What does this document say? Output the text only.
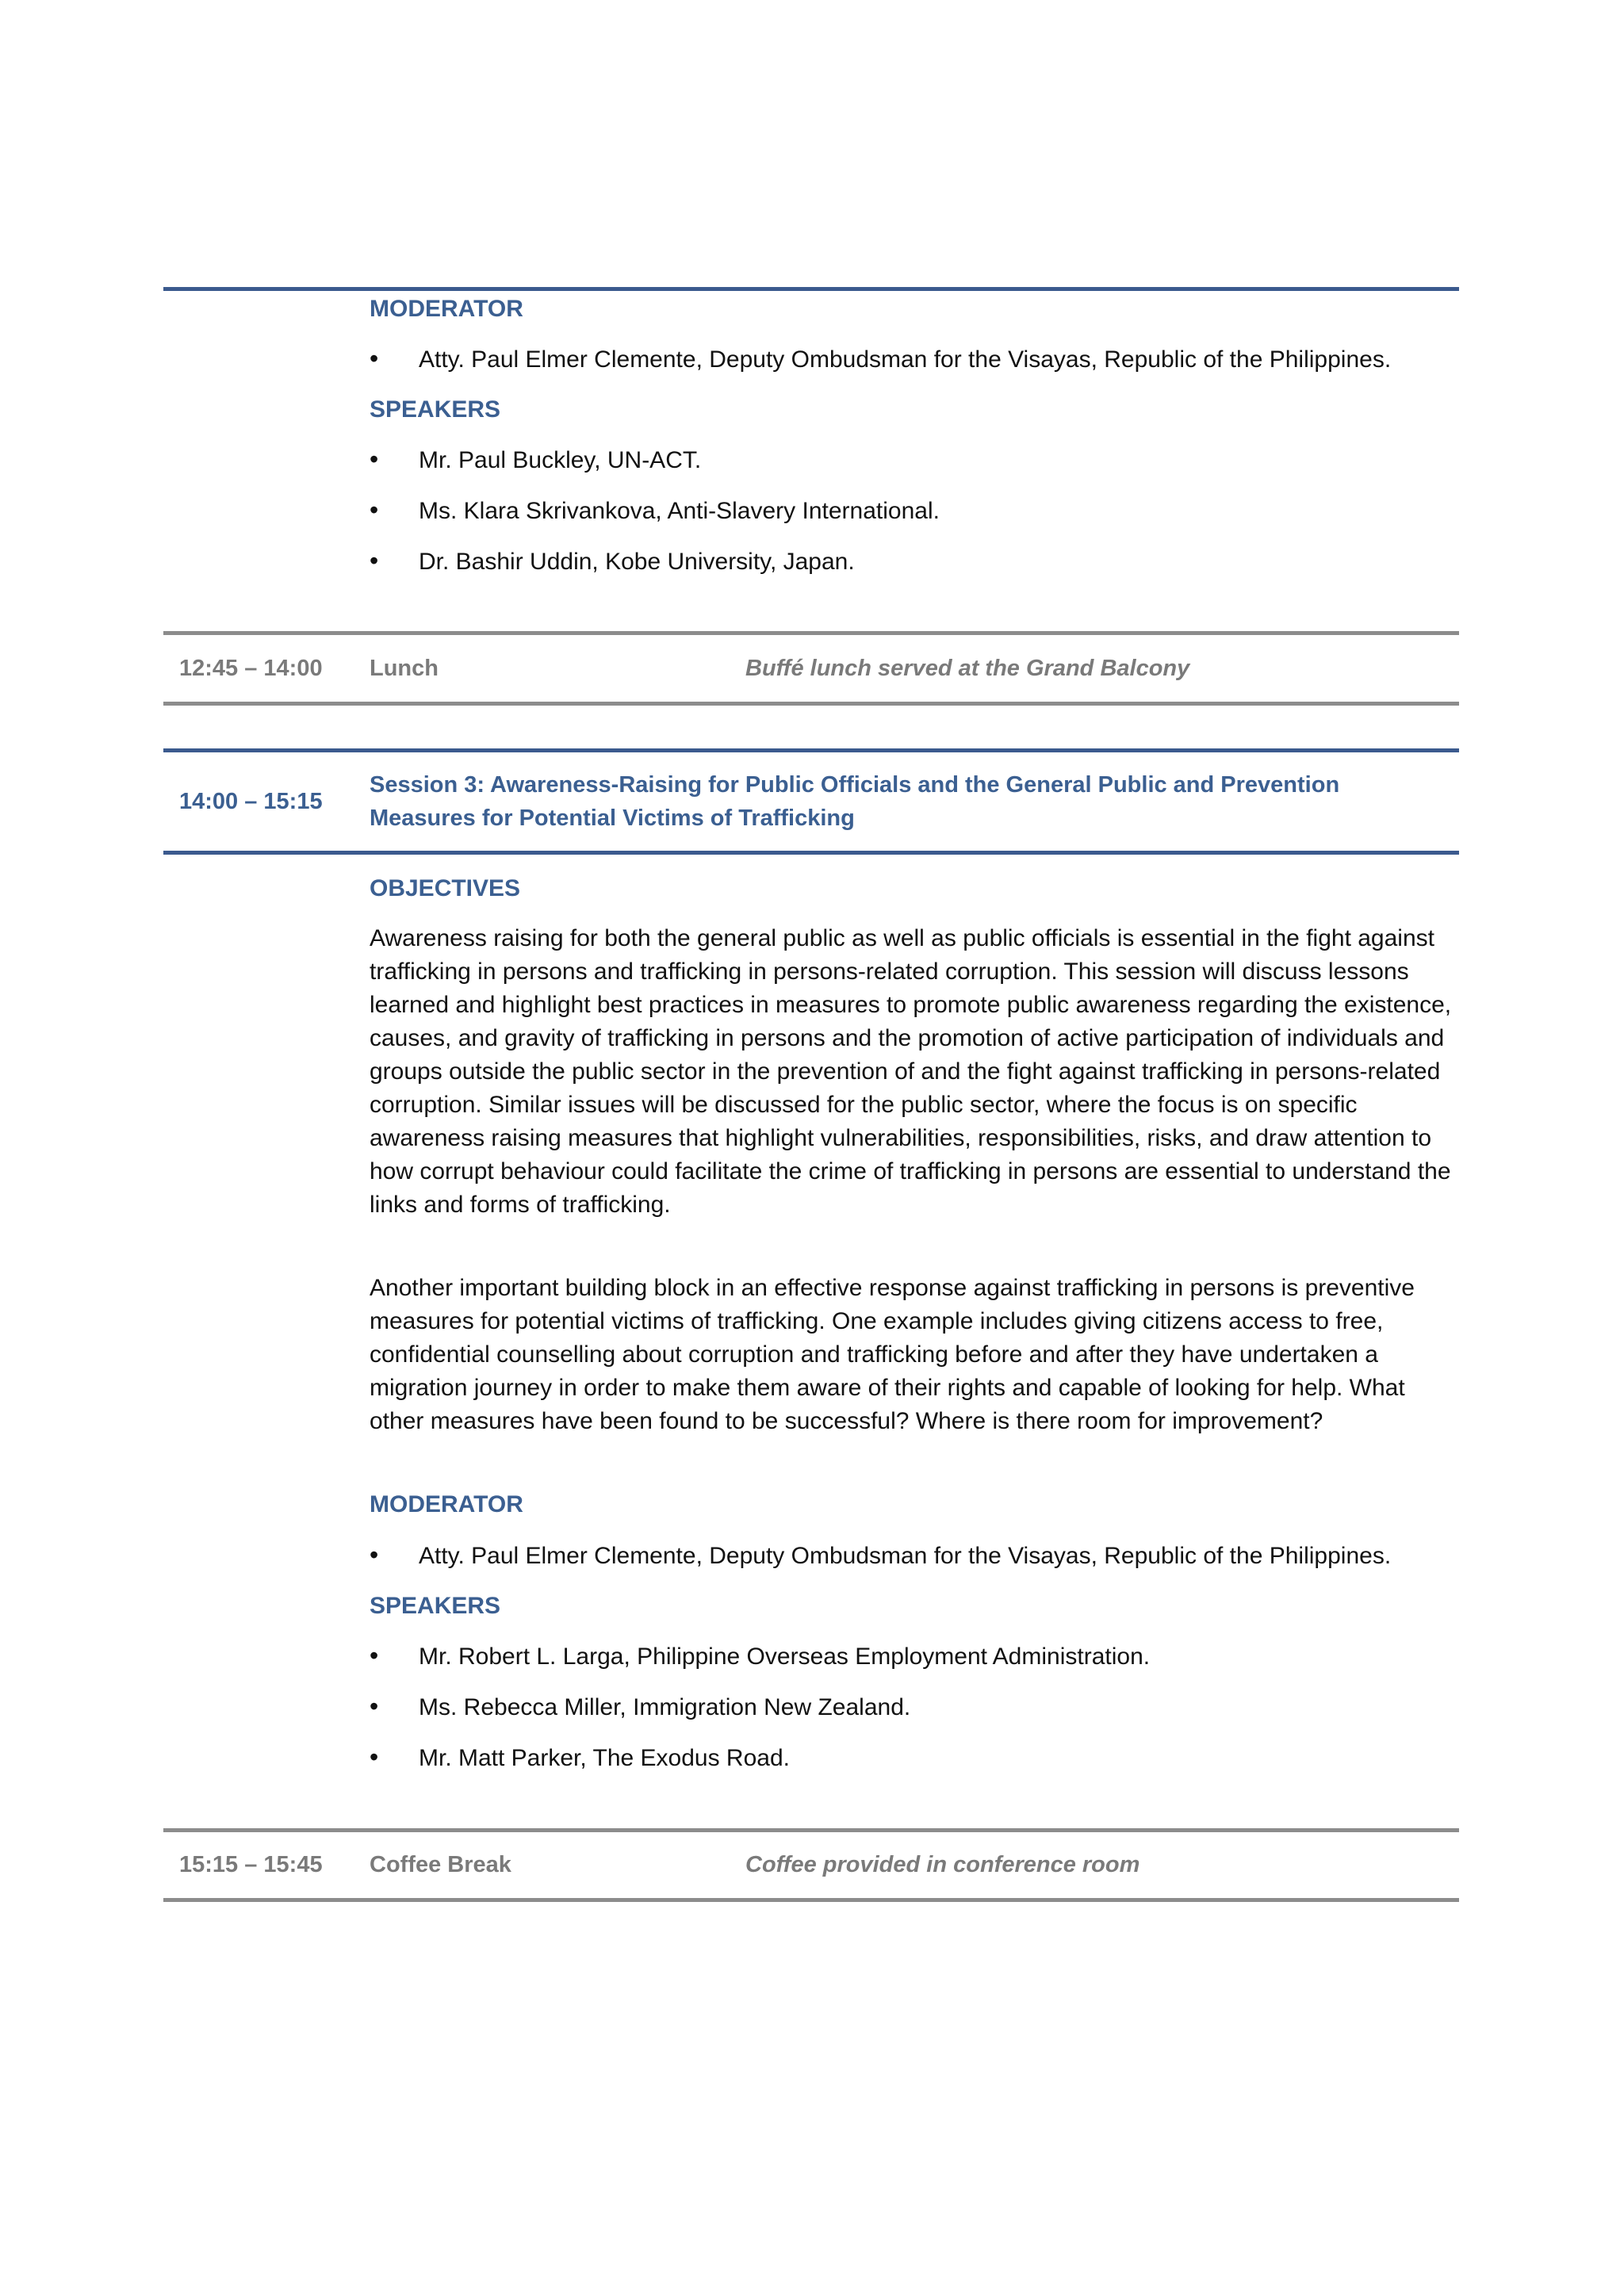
MODERATOR
• Atty. Paul Elmer Clemente, Deputy Ombudsman for the Visayas, Republic of the Philippines.
SPEAKERS
• Mr. Paul Buckley, UN-ACT.
• Ms. Klara Skrivankova, Anti-Slavery International.
• Dr. Bashir Uddin, Kobe University, Japan.
12:45 – 14:00 Lunch	Buffé lunch served at the Grand Balcony
14:00 – 15:15
Session 3: Awareness-Raising for Public Officials and the General Public and Prevention Measures for Potential Victims of Trafficking
OBJECTIVES

Awareness raising for both the general public as well as public officials is essential in the fight against trafficking in persons and trafficking in persons-related corruption. This session will discuss lessons learned and highlight best practices in measures to promote public awareness regarding the existence, causes, and gravity of trafficking in persons and the promotion of active participation of individuals and groups outside the public sector in the prevention of and the fight against trafficking in persons-related corruption. Similar issues will be discussed for the public sector, where the focus is on specific awareness raising measures that highlight vulnerabilities, responsibilities, risks, and draw attention to how corrupt behaviour could facilitate the crime of trafficking in persons are essential to understand the links and forms of trafficking.

Another important building block in an effective response against trafficking in persons is preventive measures for potential victims of trafficking. One example includes giving citizens access to free, confidential counselling about corruption and trafficking before and after they have undertaken a migration journey in order to make them aware of their rights and capable of looking for help. What other measures have been found to be successful? Where is there room for improvement?

MODERATOR
• Atty. Paul Elmer Clemente, Deputy Ombudsman for the Visayas, Republic of the Philippines.
SPEAKERS
• Mr. Robert L. Larga, Philippine Overseas Employment Administration.
• Ms. Rebecca Miller, Immigration New Zealand.
• Mr. Matt Parker, The Exodus Road.
15:15 – 15:45 Coffee Break	Coffee provided in conference room
